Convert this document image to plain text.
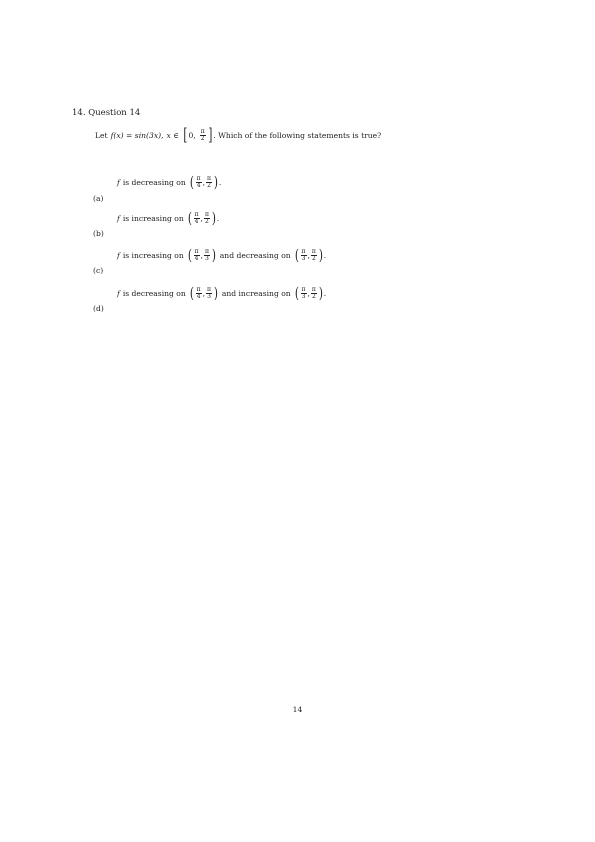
14. Question 14
Let f(x) = sin(3x), x ∈ [ 0, $\frac{\pi}{2}$ ] . Which of the following statements is true?
(a)
f is decreasing on ( $\frac{\pi}{4}$ , $\frac{\pi}{2}$ ) .
(b)
f is increasing on ( $\frac{\pi}{4}$ , $\frac{\pi}{2}$ ) .
(c)
f is increasing on ( $\frac{\pi}{4}$ , $\frac{\pi}{3}$ ) and decreasing on ( $\frac{\pi}{3}$ , $\frac{\pi}{2}$ ) .
(d)
f is decreasing on ( $\frac{\pi}{4}$ , $\frac{\pi}{3}$ ) and increasing on ( $\frac{\pi}{3}$ , $\frac{\pi}{2}$ ) .
14
